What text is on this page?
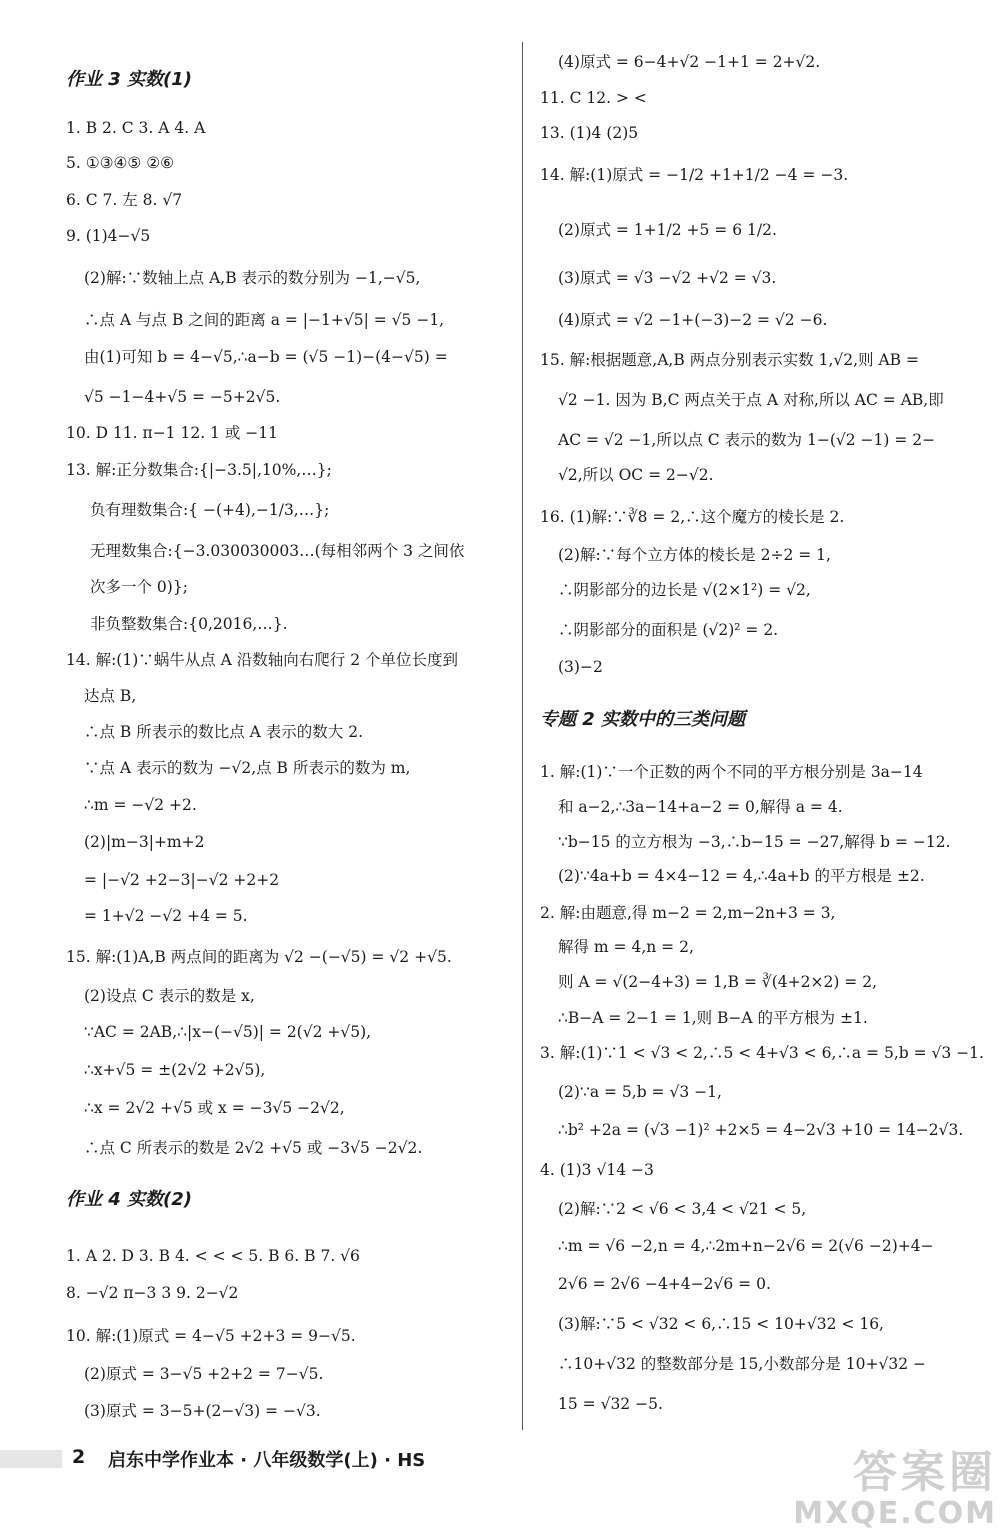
作业 3 实数(1)
1. B 2. C 3. A 4. A
5. ①③④⑤ ②⑥
6. C 7. 左 8. √7
9. (1)4−√5
(2)解:∵数轴上点 A,B 表示的数分别为 −1,−√5,
∴点 A 与点 B 之间的距离 a = |−1+√5| = √5 −1,
由(1)可知 b = 4−√5,∴a−b = (√5 −1)−(4−√5) =
√5 −1−4+√5 = −5+2√5.
10. D 11. π−1 12. 1 或 −11
13. 解:正分数集合:{|−3.5|,10%,…};
负有理数集合:{ −(+4),−1/3,…};
无理数集合:{−3.030030003…(每相邻两个 3 之间依
次多一个 0)};
非负整数集合:{0,2016,…}.
14. 解:(1)∵蜗牛从点 A 沿数轴向右爬行 2 个单位长度到
达点 B,
∴点 B 所表示的数比点 A 表示的数大 2.
∵点 A 表示的数为 −√2,点 B 所表示的数为 m,
∴m = −√2 +2.
(2)|m−3|+m+2
= |−√2 +2−3|−√2 +2+2
= 1+√2 −√2 +4 = 5.
15. 解:(1)A,B 两点间的距离为 √2 −(−√5) = √2 +√5.
(2)设点 C 表示的数是 x,
∵AC = 2AB,∴|x−(−√5)| = 2(√2 +√5),
∴x+√5 = ±(2√2 +2√5),
∴x = 2√2 +√5 或 x = −3√5 −2√2,
∴点 C 所表示的数是 2√2 +√5 或 −3√5 −2√2.
作业 4 实数(2)
1. A 2. D 3. B 4. < < < 5. B 6. B 7. √6
8. −√2 π−3 3 9. 2−√2
10. 解:(1)原式 = 4−√5 +2+3 = 9−√5.
(2)原式 = 3−√5 +2+2 = 7−√5.
(3)原式 = 3−5+(2−√3) = −√3.
(4)原式 = 6−4+√2 −1+1 = 2+√2.
11. C 12. > <
13. (1)4 (2)5
14. 解:(1)原式 = −1/2 +1+1/2 −4 = −3.
(2)原式 = 1+1/2 +5 = 6 1/2.
(3)原式 = √3 −√2 +√2 = √3.
(4)原式 = √2 −1+(−3)−2 = √2 −6.
15. 解:根据题意,A,B 两点分别表示实数 1,√2,则 AB =
√2 −1. 因为 B,C 两点关于点 A 对称,所以 AC = AB,即
AC = √2 −1,所以点 C 表示的数为 1−(√2 −1) = 2−
√2,所以 OC = 2−√2.
16. (1)解:∵∛8 = 2,∴这个魔方的棱长是 2.
(2)解:∵每个立方体的棱长是 2÷2 = 1,
∴阴影部分的边长是 √(2×1²) = √2,
∴阴影部分的面积是 (√2)² = 2.
(3)−2
专题 2 实数中的三类问题
1. 解:(1)∵一个正数的两个不同的平方根分别是 3a−14
和 a−2,∴3a−14+a−2 = 0,解得 a = 4.
∵b−15 的立方根为 −3,∴b−15 = −27,解得 b = −12.
(2)∵4a+b = 4×4−12 = 4,∴4a+b 的平方根是 ±2.
2. 解:由题意,得 m−2 = 2,m−2n+3 = 3,
解得 m = 4,n = 2,
则 A = √(2−4+3) = 1,B = ∛(4+2×2) = 2,
∴B−A = 2−1 = 1,则 B−A 的平方根为 ±1.
3. 解:(1)∵1 < √3 < 2,∴5 < 4+√3 < 6,∴a = 5,b = √3 −1.
(2)∵a = 5,b = √3 −1,
∴b² +2a = (√3 −1)² +2×5 = 4−2√3 +10 = 14−2√3.
4. (1)3 √14 −3
(2)解:∵2 < √6 < 3,4 < √21 < 5,
∴m = √6 −2,n = 4,∴2m+n−2√6 = 2(√6 −2)+4−
2√6 = 2√6 −4+4−2√6 = 0.
(3)解:∵5 < √32 < 6,∴15 < 10+√32 < 16,
∴10+√32 的整数部分是 15,小数部分是 10+√32 −
15 = √32 −5.
2 启东中学作业本 · 八年级数学(上) · HS	答案圈
MXQE.COM
